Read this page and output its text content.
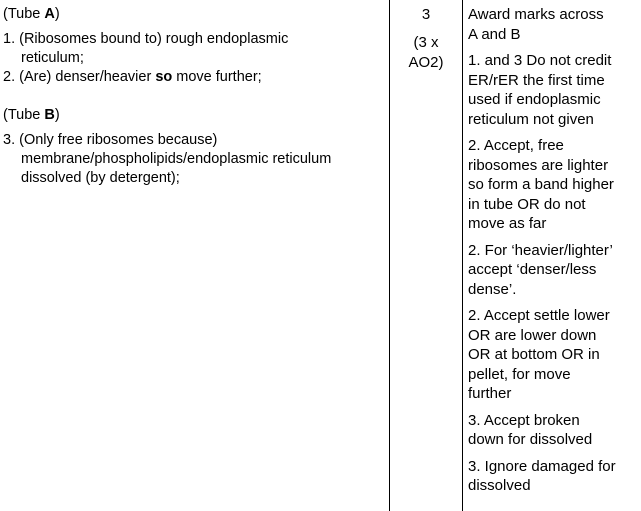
(Tube A)
1. (Ribosomes bound to) rough endoplasmic
reticulum;
2. (Are) denser/heavier so move further;
(Tube B)
3. (Only free ribosomes because)
membrane/phospholipids/endoplasmic reticulum
dissolved (by detergent);
3
(3 x
AO2)
Award marks across
A and B
1. and 3 Do not credit
ER/rER the first time
used if endoplasmic
reticulum not given
2. Accept, free
ribosomes are lighter
so form a band higher
in tube OR do not
move as far
2. For ‘heavier/lighter’
accept ‘denser/less
dense’.
2. Accept settle lower
OR are lower down
OR at bottom OR in
pellet, for move
further
3. Accept broken
down for dissolved
3. Ignore damaged for
dissolved
